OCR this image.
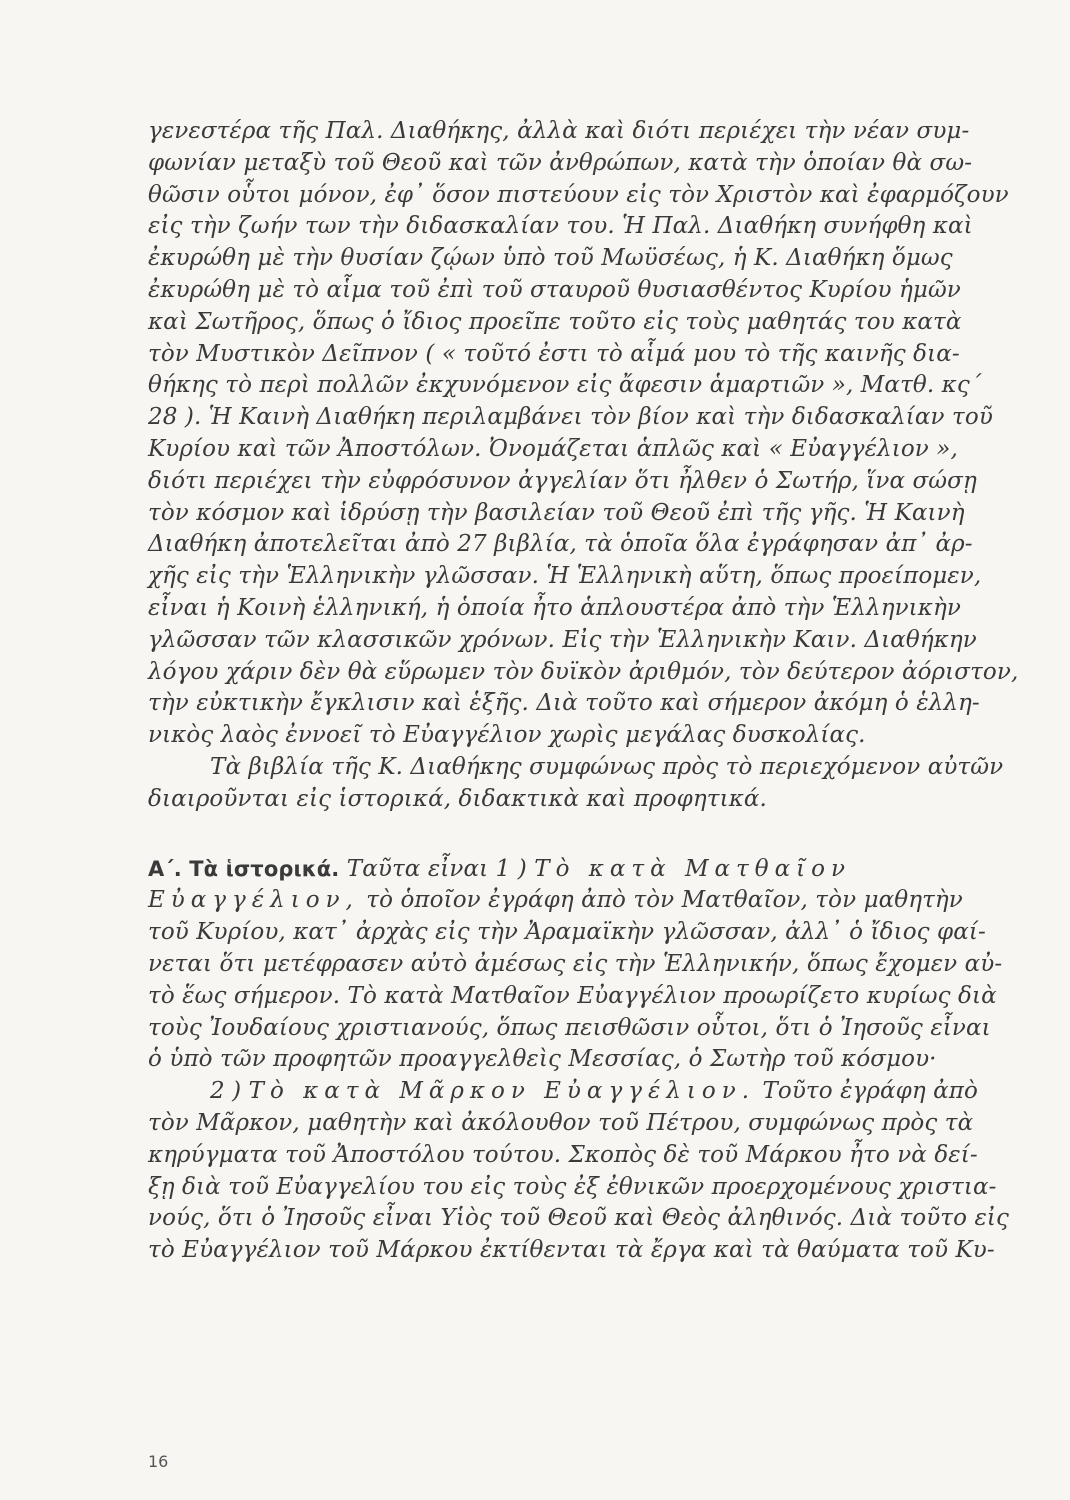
γενεστέρα τῆς Παλ. Διαθήκης, ἀλλὰ καὶ διότι περιέχει τὴν νέαν συμ-
φωνίαν μεταξὺ τοῦ Θεοῦ καὶ τῶν ἀνθρώπων, κατὰ τὴν ὁποίαν θὰ σω-
θῶσιν οὗτοι μόνον, ἐφ᾽ ὅσον πιστεύουν εἰς τὸν Χριστὸν καὶ ἐφαρμόζουν
εἰς τὴν ζωήν των τὴν διδασκαλίαν του. Ἡ Παλ. Διαθήκη συνήφθη καὶ
ἐκυρώθη μὲ τὴν θυσίαν ζῴων ὑπὸ τοῦ Μωϋσέως, ἡ Κ. Διαθήκη ὅμως
ἐκυρώθη μὲ τὸ αἷμα τοῦ ἐπὶ τοῦ σταυροῦ θυσιασθέντος Κυρίου ἡμῶν
καὶ Σωτῆρος, ὅπως ὁ ἴδιος προεῖπε τοῦτο εἰς τοὺς μαθητάς του κατὰ
τὸν Μυστικὸν Δεῖπνον ( « τοῦτό ἐστι τὸ αἷμά μου τὸ τῆς καινῆς δια-
θήκης τὸ περὶ πολλῶν ἐκχυνόμενον εἰς ἄφεσιν ἁμαρτιῶν », Ματθ. κς´
28 ). Ἡ Καινὴ Διαθήκη περιλαμβάνει τὸν βίον καὶ τὴν διδασκαλίαν τοῦ
Κυρίου καὶ τῶν Ἀποστόλων. Ὀνομάζεται ἁπλῶς καὶ « Εὐαγγέλιον »,
διότι περιέχει τὴν εὐφρόσυνον ἀγγελίαν ὅτι ἦλθεν ὁ Σωτήρ, ἵνα σώσῃ
τὸν κόσμον καὶ ἱδρύσῃ τὴν βασιλείαν τοῦ Θεοῦ ἐπὶ τῆς γῆς. Ἡ Καινὴ
Διαθήκη ἀποτελεῖται ἀπὸ 27 βιβλία, τὰ ὁποῖα ὅλα ἐγράφησαν ἀπ᾽ ἀρ-
χῆς εἰς τὴν Ἑλληνικὴν γλῶσσαν. Ἡ Ἑλληνικὴ αὕτη, ὅπως προείπομεν,
εἶναι ἡ Κοινὴ ἑλληνική, ἡ ὁποία ἦτο ἁπλουστέρα ἀπὸ τὴν Ἑλληνικὴν
γλῶσσαν τῶν κλασσικῶν χρόνων. Εἰς τὴν Ἑλληνικὴν Καιν. Διαθήκην
λόγου χάριν δὲν θὰ εὕρωμεν τὸν δυϊκὸν ἀριθμόν, τὸν δεύτερον ἀόριστον,
τὴν εὐκτικὴν ἔγκλισιν καὶ ἑξῆς. Διὰ τοῦτο καὶ σήμερον ἀκόμη ὁ ἑλλη-
νικὸς λαὸς ἐννοεῖ τὸ Εὐαγγέλιον χωρὶς μεγάλας δυσκολίας.
Τὰ βιβλία τῆς Κ. Διαθήκης συμφώνως πρὸς τὸ περιεχόμενον αὐτῶν
διαιροῦνται εἰς ἱστορικά, διδακτικὰ καὶ προφητικά.
Α΄. Τὰ ἱστορικά. Ταῦτα εἶναι 1 ) Τὸ κατὰ Ματθαῖον
Εὐαγγέλιον, τὸ ὁποῖον ἐγράφη ἀπὸ τὸν Ματθαῖον, τὸν μαθητὴν
τοῦ Κυρίου, κατ᾽ ἀρχὰς εἰς τὴν Ἀραμαϊκὴν γλῶσσαν, ἀλλ᾽ ὁ ἴδιος φαί-
νεται ὅτι μετέφρασεν αὐτὸ ἀμέσως εἰς τὴν Ἑλληνικήν, ὅπως ἔχομεν αὐ-
τὸ ἕως σήμερον. Τὸ κατὰ Ματθαῖον Εὐαγγέλιον προωρίζετο κυρίως διὰ
τοὺς Ἰουδαίους χριστιανούς, ὅπως πεισθῶσιν οὗτοι, ὅτι ὁ Ἰησοῦς εἶναι
ὁ ὑπὸ τῶν προφητῶν προαγγελθεὶς Μεσσίας, ὁ Σωτὴρ τοῦ κόσμου·
2 ) Τὸ κατὰ Μᾶρκον Εὐαγγέλιον. Τοῦτο ἐγράφη ἀπὸ
τὸν Μᾶρκον, μαθητὴν καὶ ἀκόλουθον τοῦ Πέτρου, συμφώνως πρὸς τὰ
κηρύγματα τοῦ Ἀποστόλου τούτου. Σκοπὸς δὲ τοῦ Μάρκου ἦτο νὰ δεί-
ξῃ διὰ τοῦ Εὐαγγελίου του εἰς τοὺς ἐξ ἐθνικῶν προερχομένους χριστια-
νούς, ὅτι ὁ Ἰησοῦς εἶναι Υἱὸς τοῦ Θεοῦ καὶ Θεὸς ἀληθινός. Διὰ τοῦτο εἰς
τὸ Εὐαγγέλιον τοῦ Μάρκου ἐκτίθενται τὰ ἔργα καὶ τὰ θαύματα τοῦ Κυ-
16
